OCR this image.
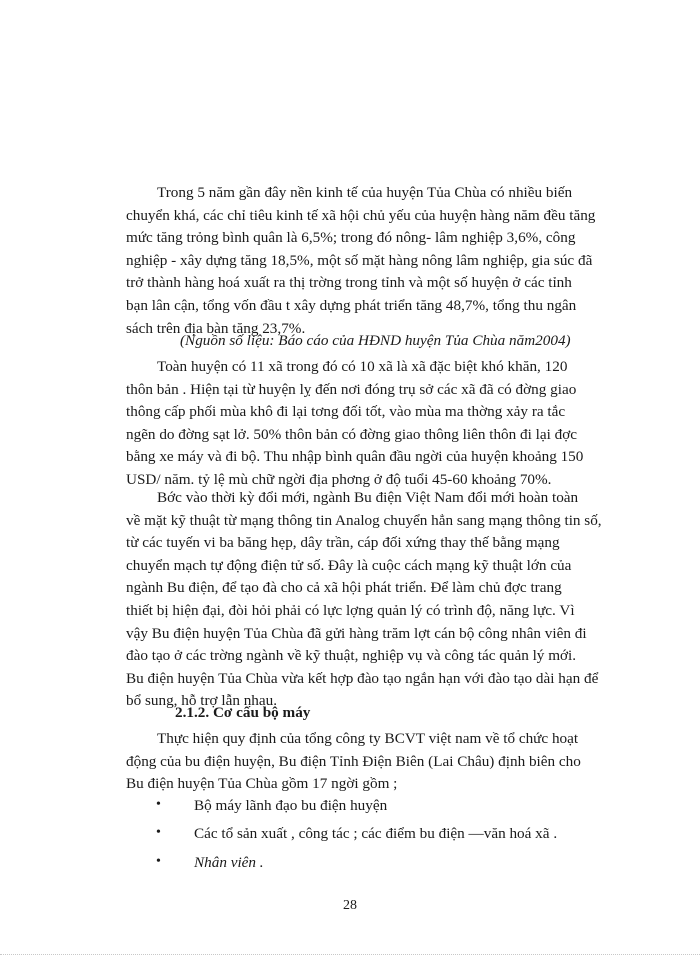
Trong 5 năm gần đây nền kinh tế của huyện Tủa Chùa có nhiều biến
chuyển khá, các chỉ tiêu kinh tế xã hội chủ yếu của huyện hàng năm đều tăng
mức tăng trỏng bình quân là 6,5%; trong đó nông- lâm nghiệp 3,6%, công
nghiệp - xây dựng tăng 18,5%, một số mặt hàng nông lâm nghiệp, gia súc đã
trở thành hàng hoá xuất ra thị trờng trong tỉnh và một số huyện ở các tỉnh
bạn lân cận, tổng vốn đầu t xây dựng phát triển tăng 48,7%, tổng thu ngân
sách trên địa bàn tăng 23,7%.
(Nguồn số liệu: Báo cáo của HĐND huyện Tủa Chùa năm2004)
Toàn huyện có 11 xã trong đó có 10 xã là xã đặc biệt khó khăn, 120
thôn bản . Hiện tại từ huyện lỵ đến nơi đóng trụ sở các xã đã có đờng giao
thông cấp phối mùa khô đi lại tơng đối tốt, vào mùa ma thờng xảy ra tắc
ngẽn do đờng sạt lở. 50% thôn bản có đờng giao thông liên thôn đi lại đợc
bằng xe máy và đi bộ. Thu nhập bình quân đầu ngời của huyện khoảng 150
USD/ năm. tỷ lệ mù chữ ngời địa phơng ở độ tuổi 45-60 khoảng 70%.
Bớc vào thời kỳ đổi mới, ngành Bu điện Việt Nam đổi mới hoàn toàn
về mặt kỹ thuật từ mạng thông tin Analog chuyển hẳn sang mạng thông tin số,
từ các tuyến vi ba băng hẹp, dây trần, cáp đối xứng thay thế bằng mạng
chuyển mạch tự động điện tử số. Đây là cuộc cách mạng kỹ thuật lớn của
ngành Bu điện, để tạo đà cho cả xã hội phát triển. Để làm chủ đợc trang
thiết bị hiện đại, đòi hỏi phải có lực lợng quản lý có trình độ, năng lực. Vì
vậy Bu điện huyện Tủa Chùa đã gửi hàng trăm lợt cán bộ công nhân viên đi
đào tạo ở các trờng ngành về kỹ thuật, nghiệp vụ và công tác quản lý mới.
Bu điện huyện Tủa Chùa vừa kết hợp đào tạo ngắn hạn với đào tạo dài hạn để
bổ sung, hỗ trợ lẫn nhau.
2.1.2. Cơ cấu bộ máy
Thực hiện quy định của tổng công ty BCVT việt nam về tổ chức hoạt
động của bu điện huyện, Bu điện Tỉnh Điện Biên (Lai Châu) định biên cho
Bu điện huyện Tủa Chùa gồm 17 ngời gồm ;
• Bộ máy lãnh đạo bu điện huyện
• Các tổ sản xuất , công tác ; các điểm bu điện —văn hoá xã .
• Nhân viên .
28
